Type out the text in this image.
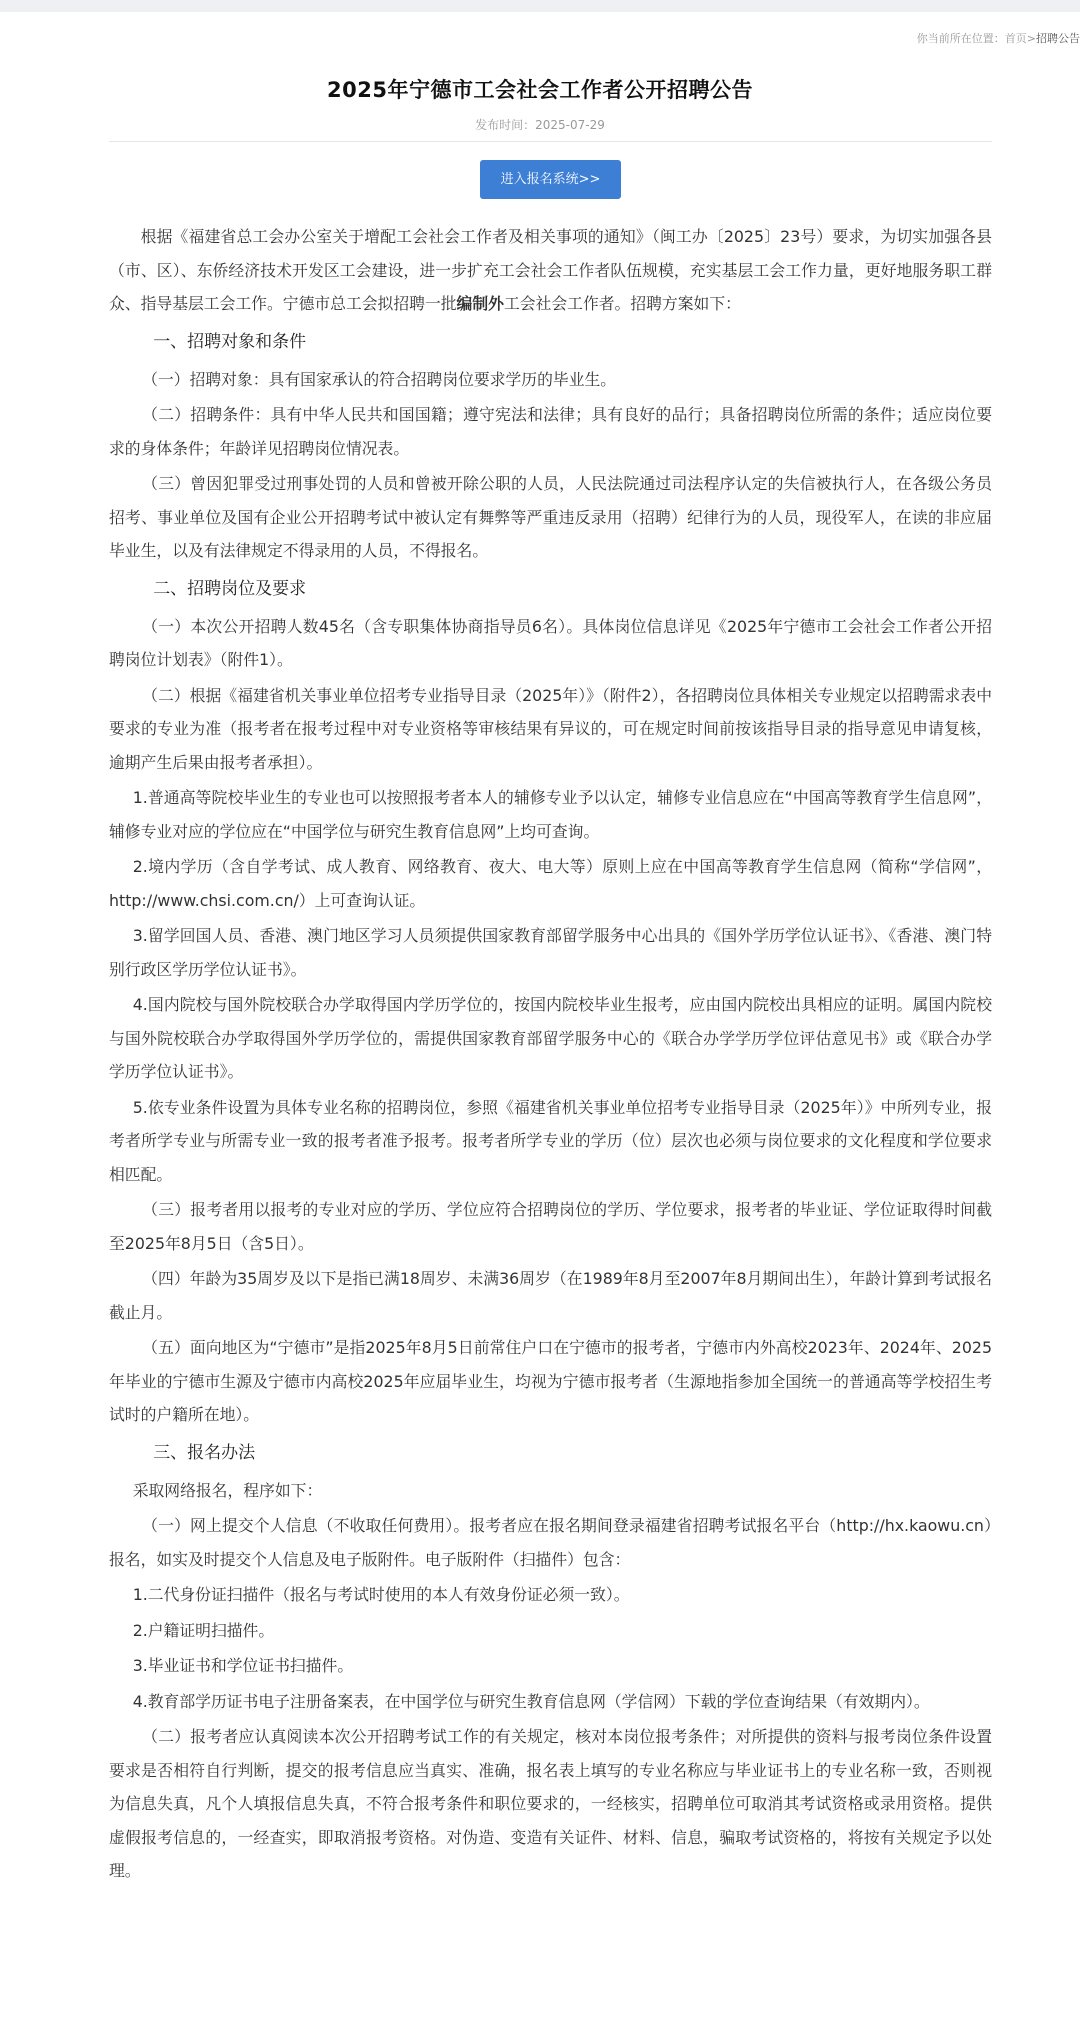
你当前所在位置：首页>招聘公告
2025年宁德市工会社会工作者公开招聘公告
发布时间：2025-07-29
进入报名系统>>

根据《福建省总工会办公室关于增配工会社会工作者及相关事项的通知》（闽工办〔2025〕23号）要求，为切实加强各县（市、区）、东侨经济技术开发区工会建设，进一步扩充工会社会工作者队伍规模，充实基层工会工作力量，更好地服务职工群众、指导基层工会工作。宁德市总工会拟招聘一批编制外工会社会工作者。招聘方案如下：

一、招聘对象和条件

（一）招聘对象：具有国家承认的符合招聘岗位要求学历的毕业生。

（二）招聘条件：具有中华人民共和国国籍；遵守宪法和法律；具有良好的品行；具备招聘岗位所需的条件；适应岗位要求的身体条件；年龄详见招聘岗位情况表。

（三）曾因犯罪受过刑事处罚的人员和曾被开除公职的人员，人民法院通过司法程序认定的失信被执行人，在各级公务员招考、事业单位及国有企业公开招聘考试中被认定有舞弊等严重违反录用（招聘）纪律行为的人员，现役军人，在读的非应届毕业生，以及有法律规定不得录用的人员，不得报名。

二、招聘岗位及要求

（一）本次公开招聘人数45名（含专职集体协商指导员6名）。具体岗位信息详见《2025年宁德市工会社会工作者公开招聘岗位计划表》（附件1）。

（二）根据《福建省机关事业单位招考专业指导目录（2025年）》（附件2），各招聘岗位具体相关专业规定以招聘需求表中要求的专业为准（报考者在报考过程中对专业资格等审核结果有异议的，可在规定时间前按该指导目录的指导意见申请复核，逾期产生后果由报考者承担）。

1.普通高等院校毕业生的专业也可以按照报考者本人的辅修专业予以认定，辅修专业信息应在“中国高等教育学生信息网”，辅修专业对应的学位应在“中国学位与研究生教育信息网”上均可查询。

2.境内学历（含自学考试、成人教育、网络教育、夜大、电大等）原则上应在中国高等教育学生信息网（简称“学信网”，http://www.chsi.com.cn/）上可查询认证。

3.留学回国人员、香港、澳门地区学习人员须提供国家教育部留学服务中心出具的《国外学历学位认证书》、《香港、澳门特别行政区学历学位认证书》。

4.国内院校与国外院校联合办学取得国内学历学位的，按国内院校毕业生报考，应由国内院校出具相应的证明。属国内院校与国外院校联合办学取得国外学历学位的，需提供国家教育部留学服务中心的《联合办学学历学位评估意见书》或《联合办学学历学位认证书》。

5.依专业条件设置为具体专业名称的招聘岗位，参照《福建省机关事业单位招考专业指导目录（2025年）》中所列专业，报考者所学专业与所需专业一致的报考者准予报考。报考者所学专业的学历（位）层次也必须与岗位要求的文化程度和学位要求相匹配。

（三）报考者用以报考的专业对应的学历、学位应符合招聘岗位的学历、学位要求，报考者的毕业证、学位证取得时间截至2025年8月5日（含5日）。

（四）年龄为35周岁及以下是指已满18周岁、未满36周岁（在1989年8月至2007年8月期间出生），年龄计算到考试报名截止月。

（五）面向地区为“宁德市”是指2025年8月5日前常住户口在宁德市的报考者，宁德市内外高校2023年、2024年、2025年毕业的宁德市生源及宁德市内高校2025年应届毕业生，均视为宁德市报考者（生源地指参加全国统一的普通高等学校招生考试时的户籍所在地）。

三、报名办法

采取网络报名，程序如下：

（一）网上提交个人信息（不收取任何费用）。报考者应在报名期间登录福建省招聘考试报名平台（http://hx.kaowu.cn）报名，如实及时提交个人信息及电子版附件。电子版附件（扫描件）包含：

1.二代身份证扫描件（报名与考试时使用的本人有效身份证必须一致）。

2.户籍证明扫描件。

3.毕业证书和学位证书扫描件。

4.教育部学历证书电子注册备案表，在中国学位与研究生教育信息网（学信网）下载的学位查询结果（有效期内）。

（二）报考者应认真阅读本次公开招聘考试工作的有关规定，核对本岗位报考条件；对所提供的资料与报考岗位条件设置要求是否相符自行判断，提交的报考信息应当真实、准确，报名表上填写的专业名称应与毕业证书上的专业名称一致，否则视为信息失真，凡个人填报信息失真，不符合报考条件和职位要求的，一经核实，招聘单位可取消其考试资格或录用资格。提供虚假报考信息的，一经查实，即取消报考资格。对伪造、变造有关证件、材料、信息，骗取考试资格的，将按有关规定予以处理。
